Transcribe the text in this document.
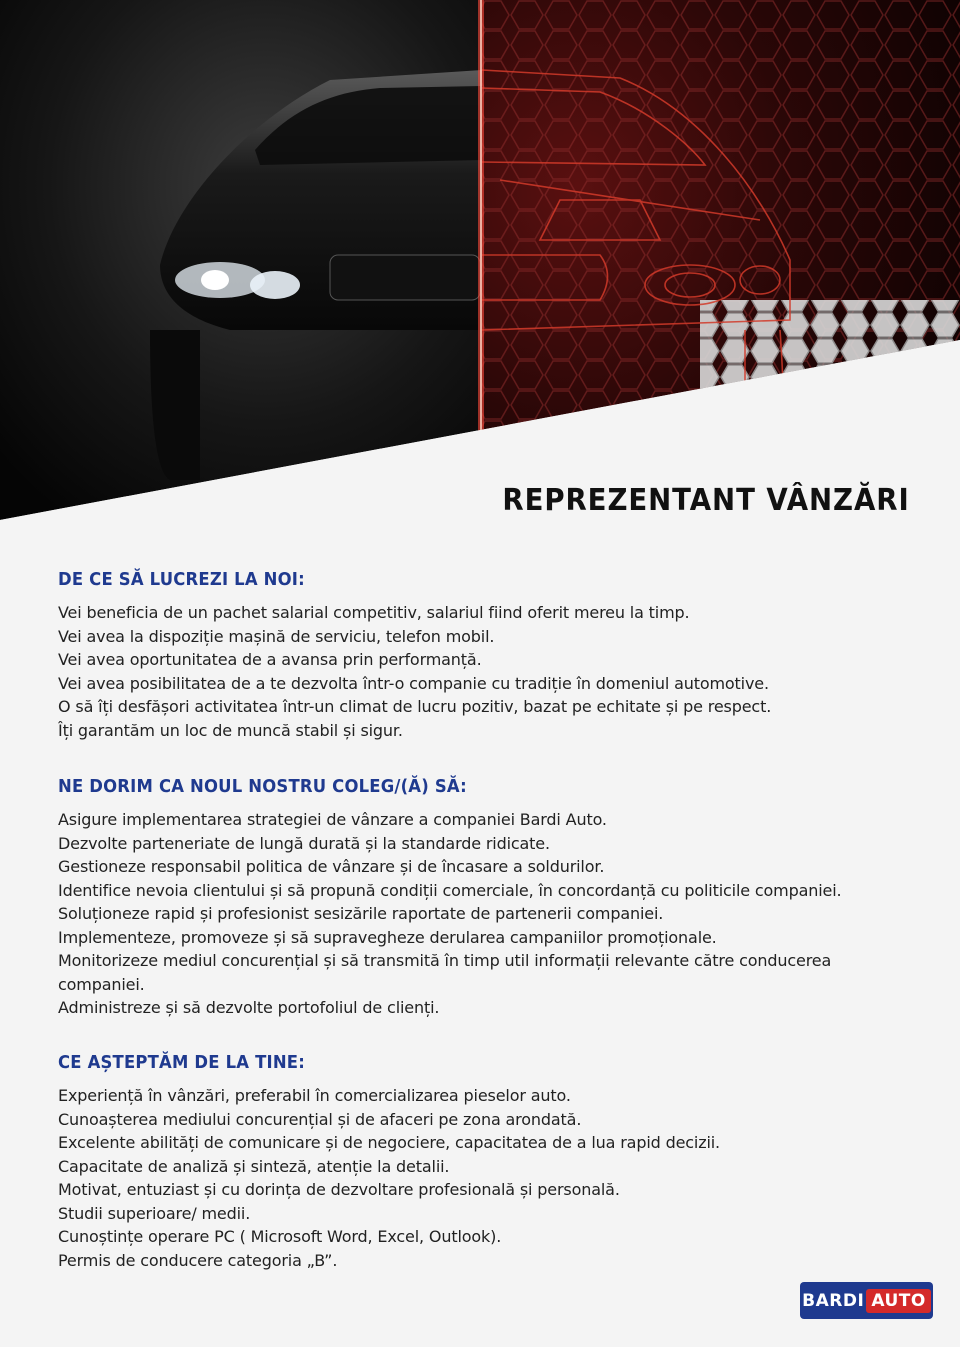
REPREZENTANT VÂNZĂRI
DE CE SĂ LUCREZI LA NOI:
Vei beneficia de un pachet salarial competitiv, salariul fiind oferit mereu la timp.
Vei avea la dispoziție mașină de serviciu, telefon mobil.
Vei avea oportunitatea de a avansa prin performanță.
Vei avea posibilitatea de a te dezvolta într-o companie cu tradiție în domeniul automotive.
O să îți desfășori activitatea într-un climat de lucru pozitiv, bazat pe echitate și pe respect.
Îți garantăm un loc de muncă stabil și sigur.
NE DORIM CA NOUL NOSTRU COLEG/(Ă) SĂ:
Asigure implementarea strategiei de vânzare a companiei Bardi Auto.
Dezvolte parteneriate de lungă durată și la standarde ridicate.
Gestioneze responsabil politica de vânzare și de încasare a soldurilor.
Identifice nevoia clientului și să propună condiții comerciale, în concordanță cu politicile companiei.
Soluționeze rapid și profesionist sesizările raportate de partenerii companiei.
Implementeze, promoveze și să supravegheze derularea campaniilor promoționale.
Monitorizeze mediul concurențial și să transmită în timp util informații relevante către conducerea companiei.
Administreze și să dezvolte portofoliul de clienți.
CE AȘTEPTĂM DE LA TINE:
Experiență în vânzări, preferabil în comercializarea pieselor auto.
Cunoașterea mediului concurențial și de afaceri pe zona arondată.
Excelente abilități de comunicare și de negociere, capacitatea de a lua rapid decizii.
Capacitate de analiză și sinteză, atenție la detalii.
Motivat, entuziast și cu dorința de dezvoltare profesională și personală.
Studii superioare/ medii.
Cunoștințe operare PC ( Microsoft Word, Excel, Outlook).
Permis de conducere categoria „B”.
BARDI AUTO
